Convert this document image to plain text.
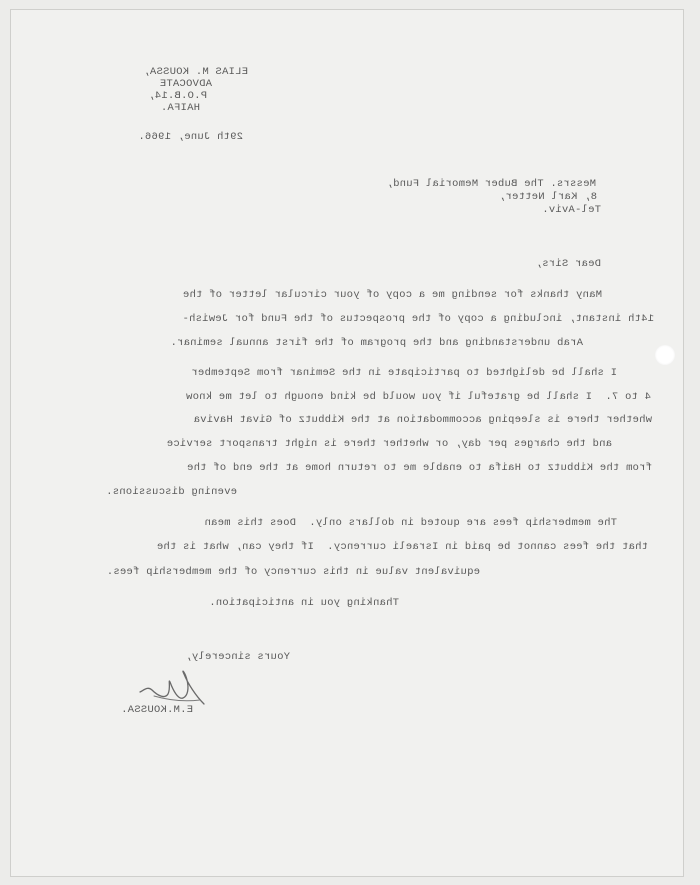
ELIAS M. KOUSSA,
ADVOCATE
P.O.B.14,
HAIFA.
29th June, 1966.
Messrs. The Buber Memorial Fund,
8, Karl Netter,
Tel-Aviv.
Dear Sirs,
Many thanks for sending me a copy of your circular letter of the
14th instant, including a copy of the prospectus of the Fund for Jewish-
Arab understanding and the program of the first annual seminar.
I shall be delighted to participate in the Seminar from September
4 to 7.  I shall be grateful if you would be kind enough to let me know
whether there is sleeping accommodation at the Kibbutz of Givat Haviva
and the charges per day, or whether there is night transport service
from the Kibbutz to Haifa to enable me to return home at the end of the
evening discussions.
The membership fees are quoted in dollars only.  Does this mean
that the fees cannot be paid in Israeli currency.  If they can, what is the
equivalent value in this currency of the membership fees.
Thanking you in anticipation.
Yours sincerely,
E.M.KOUSSA.
